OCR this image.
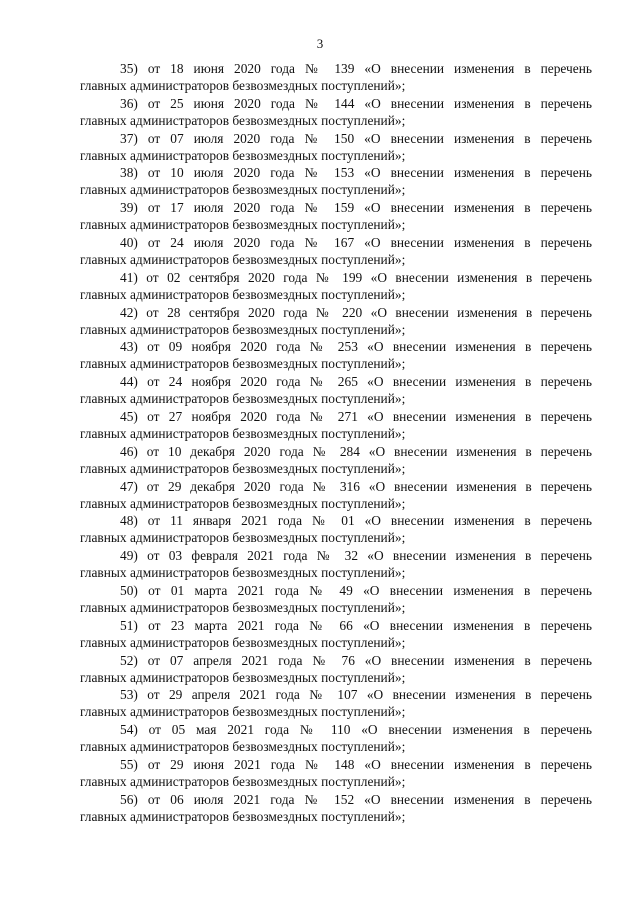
3

35) от 18 июня 2020 года № 139 «О внесении изменения в перечень
главных администраторов безвозмездных поступлений»;

36) от 25 июня 2020 года № 144 «О внесении изменения в перечень
главных администраторов безвозмездных поступлений»;

37) от 07 июля 2020 года № 150 «О внесении изменения в перечень
главных администраторов безвозмездных поступлений»;

38) от 10 июля 2020 года № 153 «О внесении изменения в перечень
главных администраторов безвозмездных поступлений»;

39) от 17 июля 2020 года № 159 «О внесении изменения в перечень
главных администраторов безвозмездных поступлений»;

40) от 24 июля 2020 года № 167 «О внесении изменения в перечень
главных администраторов безвозмездных поступлений»;

41) от 02 сентября 2020 года № 199 «О внесении изменения в перечень
главных администраторов безвозмездных поступлений»;

42) от 28 сентября 2020 года № 220 «О внесении изменения в перечень
главных администраторов безвозмездных поступлений»;

43) от 09 ноября 2020 года № 253 «О внесении изменения в перечень
главных администраторов безвозмездных поступлений»;

44) от 24 ноября 2020 года № 265 «О внесении изменения в перечень
главных администраторов безвозмездных поступлений»;

45) от 27 ноября 2020 года № 271 «О внесении изменения в перечень
главных администраторов безвозмездных поступлений»;

46) от 10 декабря 2020 года № 284 «О внесении изменения в перечень
главных администраторов безвозмездных поступлений»;

47) от 29 декабря 2020 года № 316 «О внесении изменения в перечень
главных администраторов безвозмездных поступлений»;

48) от 11 января 2021 года № 01 «О внесении изменения в перечень
главных администраторов безвозмездных поступлений»;

49) от 03 февраля 2021 года № 32 «О внесении изменения в перечень
главных администраторов безвозмездных поступлений»;

50) от 01 марта 2021 года № 49 «О внесении изменения в перечень
главных администраторов безвозмездных поступлений»;

51) от 23 марта 2021 года № 66 «О внесении изменения в перечень
главных администраторов безвозмездных поступлений»;

52) от 07 апреля 2021 года № 76 «О внесении изменения в перечень
главных администраторов безвозмездных поступлений»;

53) от 29 апреля 2021 года № 107 «О внесении изменения в перечень
главных администраторов безвозмездных поступлений»;

54) от 05 мая 2021 года № 110 «О внесении изменения в перечень
главных администраторов безвозмездных поступлений»;

55) от 29 июня 2021 года № 148 «О внесении изменения в перечень
главных администраторов безвозмездных поступлений»;

56) от 06 июля 2021 года № 152 «О внесении изменения в перечень
главных администраторов безвозмездных поступлений»;
